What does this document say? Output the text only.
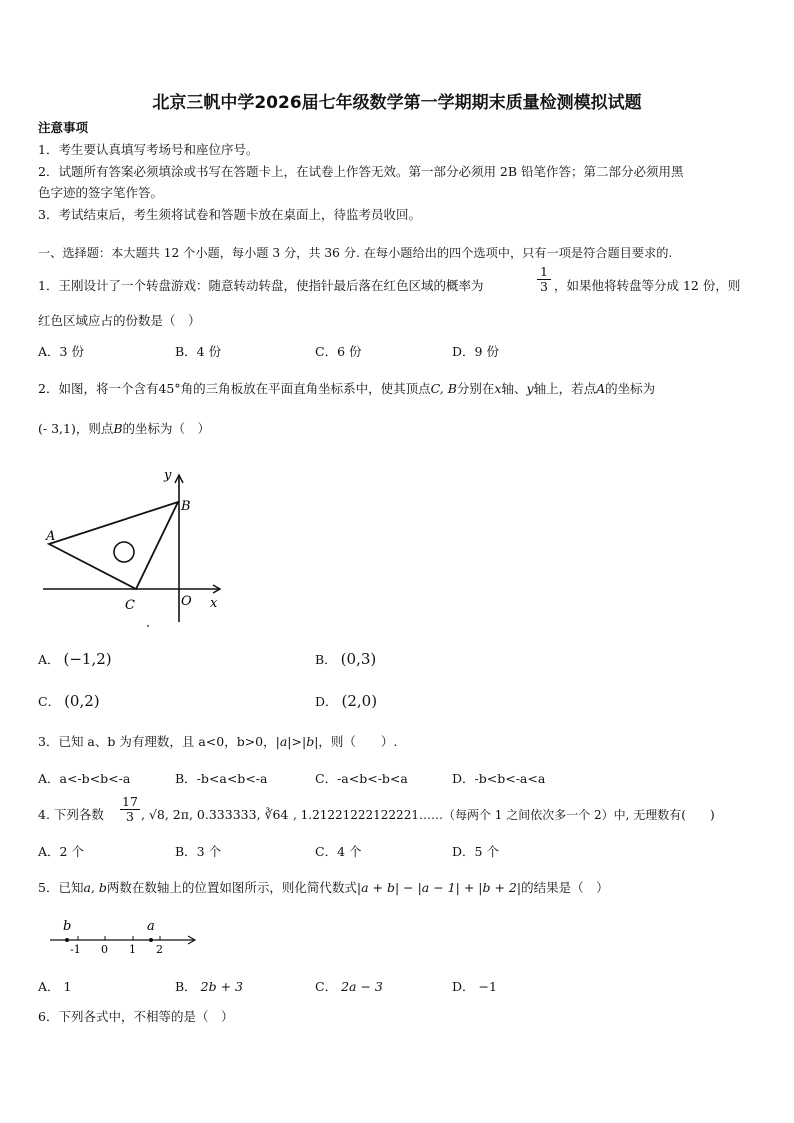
北京三帆中学2026届七年级数学第一学期期末质量检测模拟试题
注意事项
1．考生要认真填写考场号和座位序号。
2．试题所有答案必须填涂或书写在答题卡上，在试卷上作答无效。第一部分必须用 2B 铅笔作答；第二部分必须用黑
色字迹的签字笔作答。
3．考试结束后，考生须将试卷和答题卡放在桌面上，待监考员收回。
一、选择题：本大题共 12 个小题，每小题 3 分，共 36 分. 在每小题给出的四个选项中，只有一项是符合题目要求的.
1．王刚设计了一个转盘游戏：随意转动转盘，使指针最后落在红色区域的概率为	$\frac{1}{3}$ ，如果他将转盘等分成 12 份，则
红色区域应占的份数是（　）
A．3 份	B．4 份	C．6 份	D．9 份
2．如图，将一个含有45°角的三角板放在平面直角坐标系中，使其顶点C, B分别在x轴、y轴上，若点A的坐标为
(- 3,1)，则点B的坐标为（　）
y
B
A
C	O x
A． (−1,2)	B． (0,3)
C． (0,2)	D． (2,0)
3．已知 a、b 为有理数，且 a<0，b>0，|a|>|b|，则（　　）.
A．a<-b<b<-a	B．-b<a<b<-a	C．-a<b<-b<a	D．-b<b<-a<a
4. 下列各数 $\frac{17}{3}$ , √8, 2π, 0.333333, ∛64 , 1.21221222122221……（每两个 1 之间依次多一个 2）中, 无理数有(　　)
A．2 个	B．3 个	C．4 个	D．5 个
5．已知a, b两数在数轴上的位置如图所示，则化简代数式|a + b| − |a − 1| + |b + 2|的结果是（　）
b	a
-1 0 1 2
A． 1	B． 2b + 3	C． 2a − 3	D． −1
6．下列各式中，不相等的是（　）
